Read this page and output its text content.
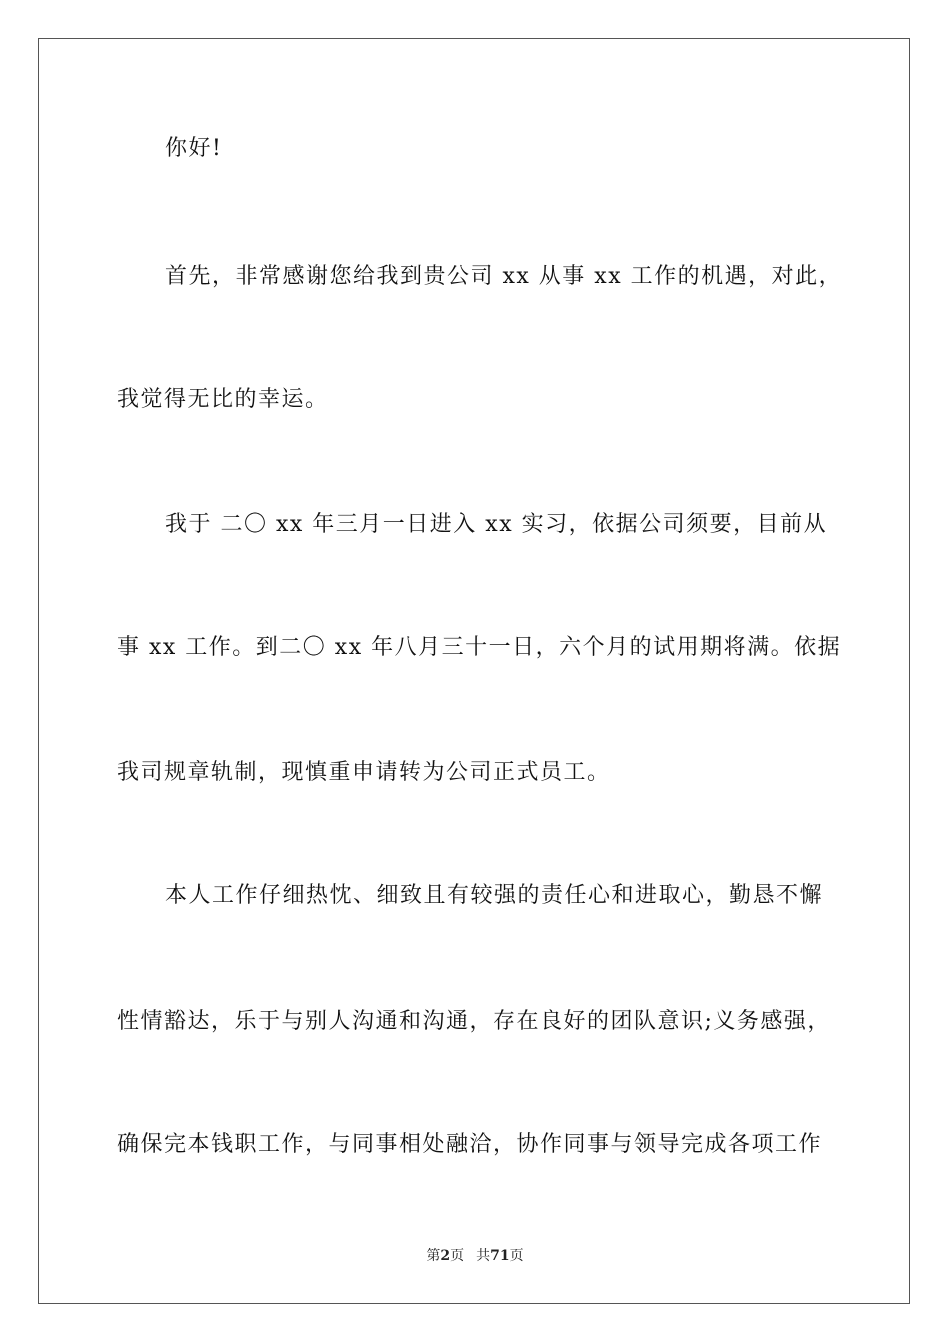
你好!
首先，非常感谢您给我到贵公司 xx 从事 xx 工作的机遇，对此，
我觉得无比的幸运。
我于 二〇 xx 年三月一日进入 xx 实习，依据公司须要，目前从
事 xx 工作。到二〇 xx 年八月三十一日，六个月的试用期将满。依据
我司规章轨制，现慎重申请转为公司正式员工。
本人工作仔细热忱、细致且有较强的责任心和进取心，勤恳不懈
性情豁达，乐于与别人沟通和沟通，存在良好的团队意识;义务感强，
确保完本钱职工作，与同事相处融洽，协作同事与领导完成各项工作
第2页 共71页
